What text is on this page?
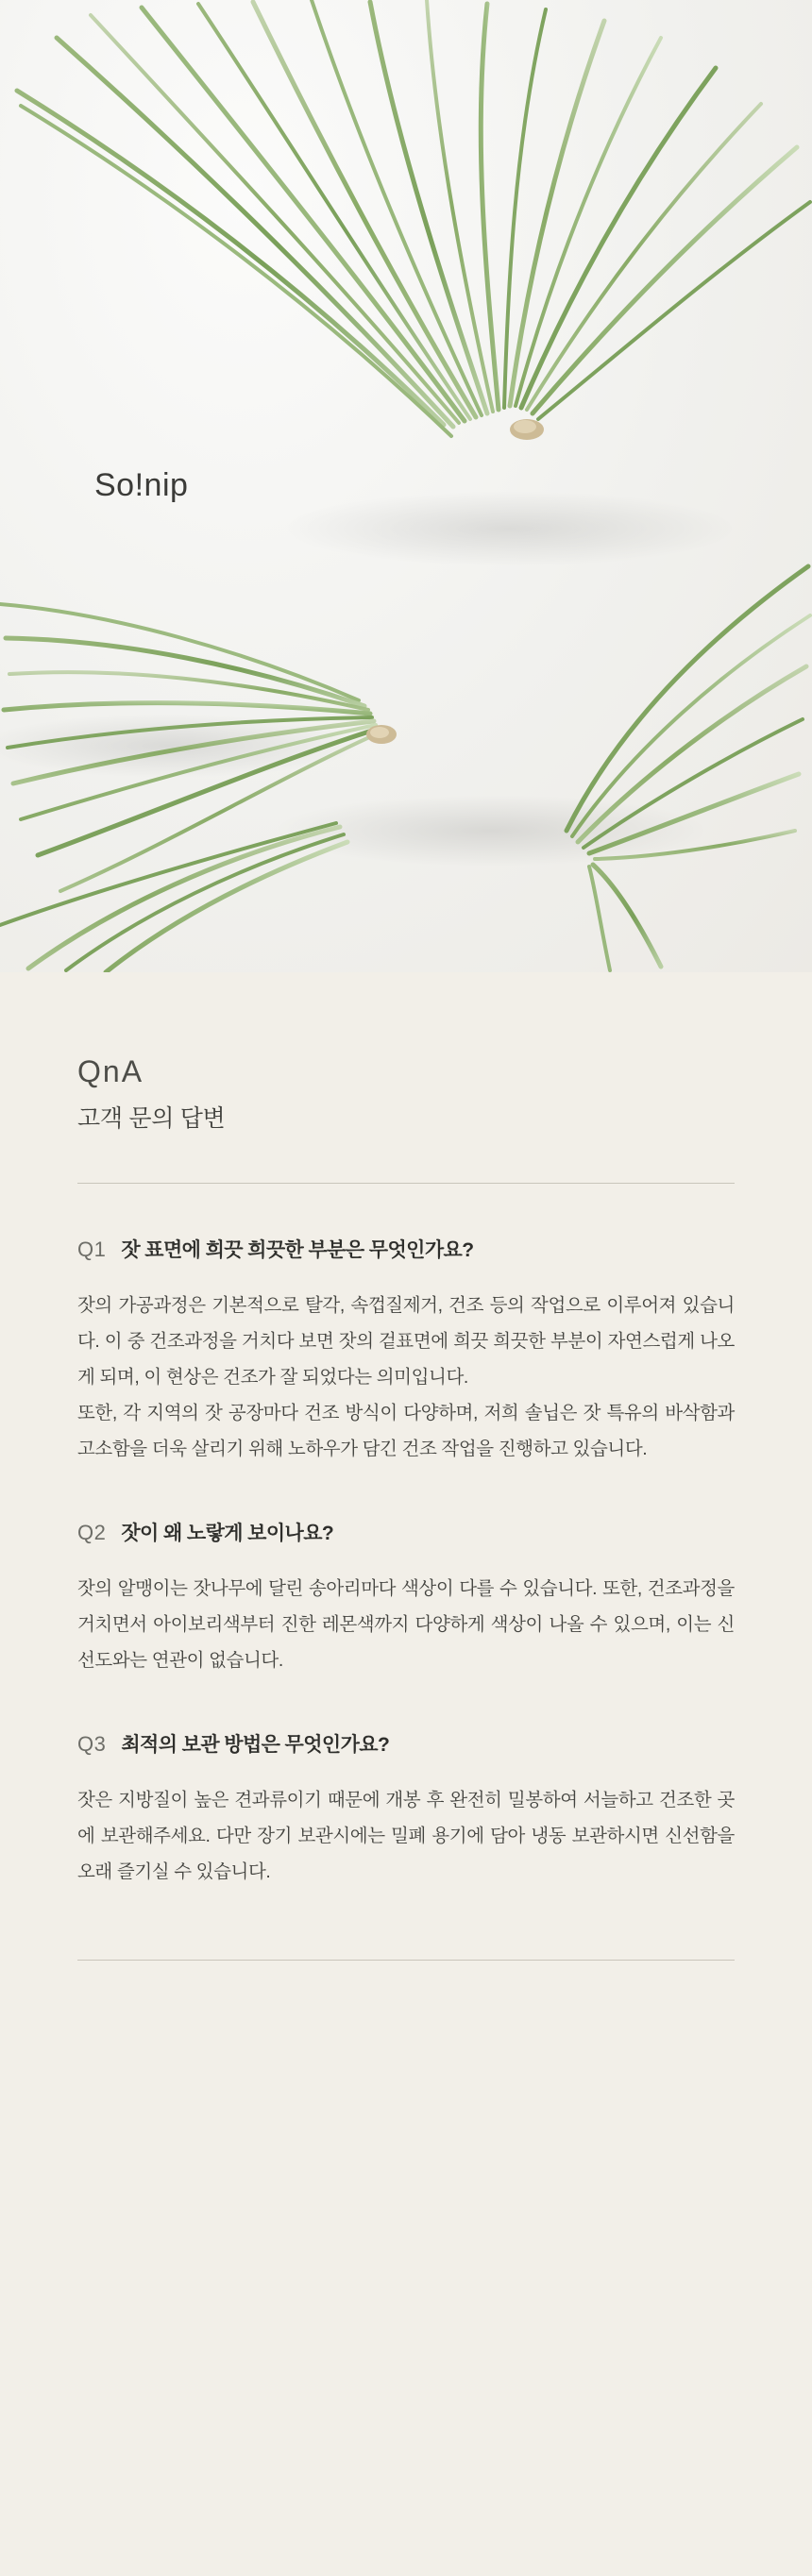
So!nip
QnA
고객 문의 답변
Q1 잣 표면에 희끗 희끗한 부분은 무엇인가요?

잣의 가공과정은 기본적으로 탈각, 속껍질제거, 건조 등의 작업으로 이루어져 있습니다. 이 중 건조과정을 거치다 보면 잣의 겉표면에 희끗 희끗한 부분이 자연스럽게 나오게 되며, 이 현상은 건조가 잘 되었다는 의미입니다.

또한, 각 지역의 잣 공장마다 건조 방식이 다양하며, 저희 솔닙은 잣 특유의 바삭함과 고소함을 더욱 살리기 위해 노하우가 담긴 건조 작업을 진행하고 있습니다.

Q2 잣이 왜 노랗게 보이나요?

잣의 알맹이는 잣나무에 달린 송아리마다 색상이 다를 수 있습니다. 또한, 건조과정을 거치면서 아이보리색부터 진한 레몬색까지 다양하게 색상이 나올 수 있으며, 이는 신선도와는 연관이 없습니다.

Q3 최적의 보관 방법은 무엇인가요?

잣은 지방질이 높은 견과류이기 때문에 개봉 후 완전히 밀봉하여 서늘하고 건조한 곳에 보관해주세요. 다만 장기 보관시에는 밀폐 용기에 담아 냉동 보관하시면 신선함을 오래 즐기실 수 있습니다.
